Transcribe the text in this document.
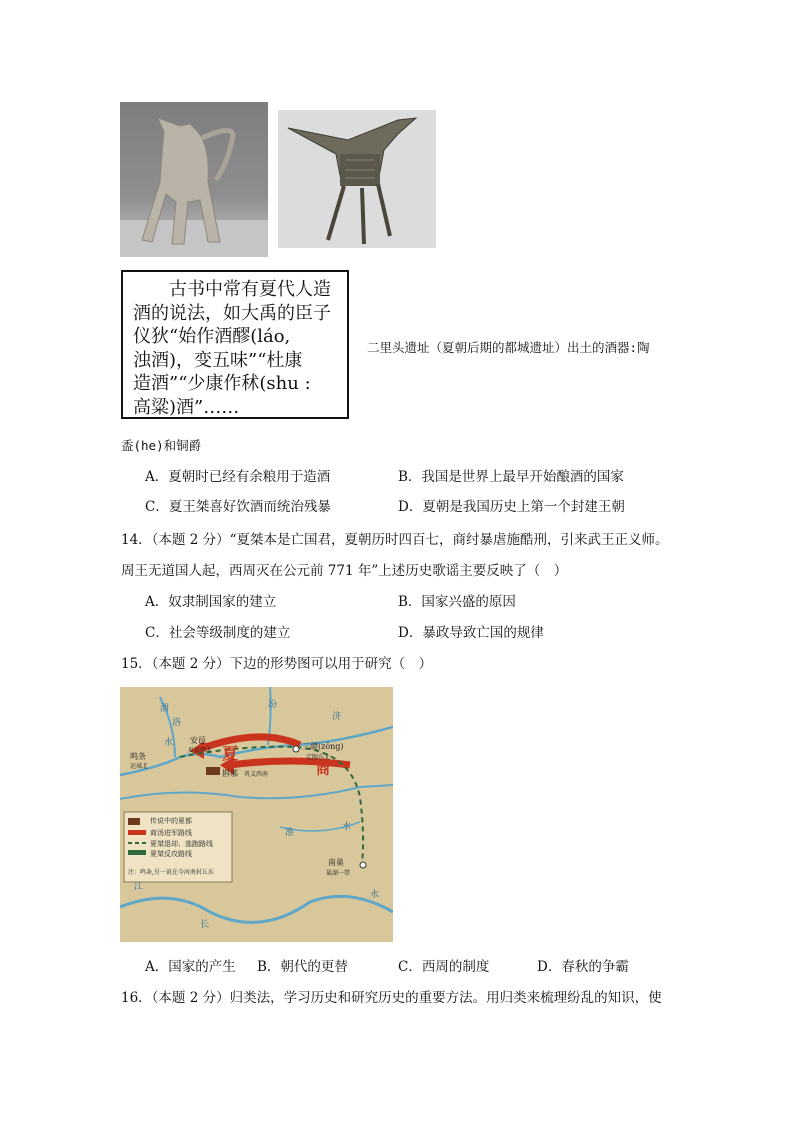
古书中常有夏代人造
酒的说法，如大禹的臣子
仪狄“始作酒醪(láo,
浊酒)，变五味”“杜康
造酒”“少康作秫(shu :
高粱)酒”……
二里头遗址（夏朝后期的都城遗址）出土的酒器:陶
盉(he)和铜爵
A．夏朝时已经有余粮用于造酒	B．我国是世界上最早开始酿酒的国家
C．夏王桀喜好饮酒而统治残暴	D．夏朝是我国历史上第一个封建王朝
14．（本题 2 分）“夏桀本是亡国君，夏朝历时四百七，商纣暴虐施酷刑，引来武王正义师。
周王无道国人起，西周灭在公元前 771 年”上述历史歌谣主要反映了（　）
A．奴隶制国家的建立	B．国家兴盛的原因
C．社会等级制度的建立	D．暴政导致亡国的规律
15．（本题 2 分）下边的形势图可以用于研究（　）
渭
水
洛
汾
济
淮
水
江
长
水
安邑
鸣条
运城北
夏县西北
斟鄩 巩义西南
三鬷(zōng)
定陶东北
南巢
巢湖一带
夏
商
传说中的夏都
商汤进军路线
夏桀退却、逃跑路线
夏桀反攻路线
注：鸣条,另一说在今河南封丘东
A．国家的产生 B．朝代的更替	C．西周的制度	D．春秋的争霸
16．（本题 2 分）归类法，学习历史和研究历史的重要方法。用归类来梳理纷乱的知识，使
